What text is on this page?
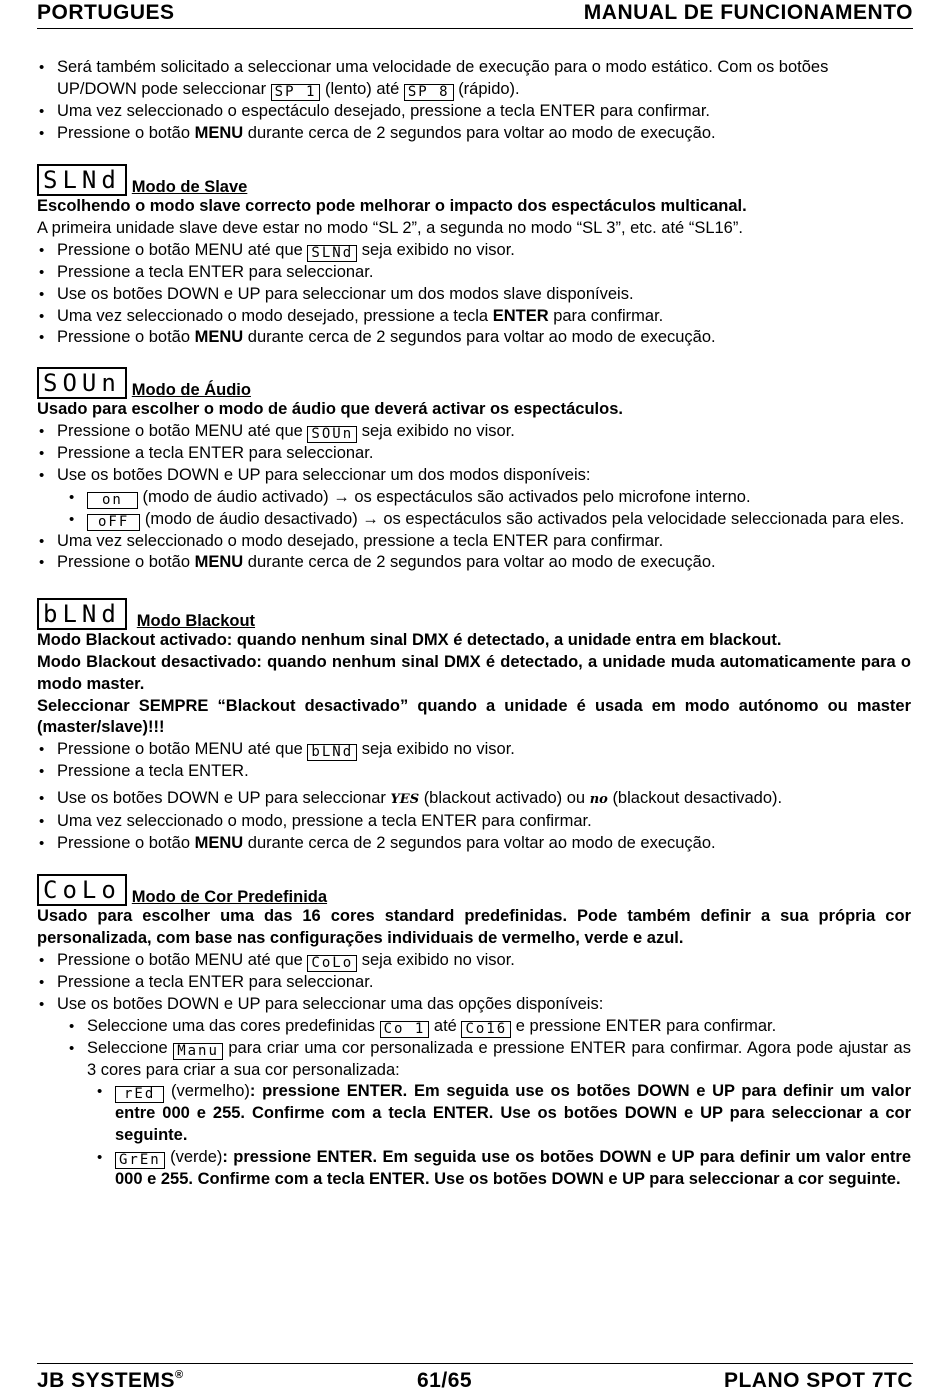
PORTUGUES	MANUAL DE FUNCIONAMENTO
• Será também solicitado a seleccionar uma velocidade de execução para o modo estático. Com os botões UP/DOWN pode seleccionar SP 1 (lento) até SP 8 (rápido).
• Uma vez seleccionado o espectáculo desejado, pressione a tecla ENTER para confirmar.
• Pressione o botão MENU durante cerca de 2 segundos para voltar ao modo de execução.
SLNd Modo de Slave
Escolhendo o modo slave correcto pode melhorar o impacto dos espectáculos multicanal.
A primeira unidade slave deve estar no modo “SL 2”, a segunda no modo “SL 3”, etc. até “SL16”.
• Pressione o botão MENU até que SLNd seja exibido no visor.
• Pressione a tecla ENTER para seleccionar.
• Use os botões DOWN e UP para seleccionar um dos modos slave disponíveis.
• Uma vez seleccionado o modo desejado, pressione a tecla ENTER para confirmar.
• Pressione o botão MENU durante cerca de 2 segundos para voltar ao modo de execução.
SOUn Modo de Áudio
Usado para escolher o modo de áudio que deverá activar os espectáculos.
• Pressione o botão MENU até que SOUn seja exibido no visor.
• Pressione a tecla ENTER para seleccionar.
• Use os botões DOWN e UP para seleccionar um dos modos disponíveis:
• on (modo de áudio activado) → os espectáculos são activados pelo microfone interno.
• oFF (modo de áudio desactivado) → os espectáculos são activados pela velocidade seleccionada para eles.
• Uma vez seleccionado o modo desejado, pressione a tecla ENTER para confirmar.
• Pressione o botão MENU durante cerca de 2 segundos para voltar ao modo de execução.
bLNd Modo Blackout
Modo Blackout activado: quando nenhum sinal DMX é detectado, a unidade entra em blackout.
Modo Blackout desactivado: quando nenhum sinal DMX é detectado, a unidade muda automaticamente para o modo master.
Seleccionar SEMPRE “Blackout desactivado” quando a unidade é usada em modo autónomo ou master (master/slave)!!!
• Pressione o botão MENU até que bLNd seja exibido no visor.
• Pressione a tecla ENTER.
• Use os botões DOWN e UP para seleccionar YES (blackout activado) ou no (blackout desactivado).
• Uma vez seleccionado o modo, pressione a tecla ENTER para confirmar.
• Pressione o botão MENU durante cerca de 2 segundos para voltar ao modo de execução.
CoLo Modo de Cor Predefinida
Usado para escolher uma das 16 cores standard predefinidas. Pode também definir a sua própria cor personalizada, com base nas configurações individuais de vermelho, verde e azul.
• Pressione o botão MENU até que CoLo seja exibido no visor.
• Pressione a tecla ENTER para seleccionar.
• Use os botões DOWN e UP para seleccionar uma das opções disponíveis:
• Seleccione uma das cores predefinidas Co 1 até Co16 e pressione ENTER para confirmar.
• Seleccione Manu para criar uma cor personalizada e pressione ENTER para confirmar. Agora pode ajustar as 3 cores para criar a sua cor personalizada:
• rEd (vermelho): pressione ENTER. Em seguida use os botões DOWN e UP para definir um valor entre 000 e 255. Confirme com a tecla ENTER. Use os botões DOWN e UP para seleccionar a cor seguinte.
• GrEn (verde): pressione ENTER. Em seguida use os botões DOWN e UP para definir um valor entre 000 e 255. Confirme com a tecla ENTER. Use os botões DOWN e UP para seleccionar a cor seguinte.
JB SYSTEMS®	61/65	PLANO SPOT 7TC
